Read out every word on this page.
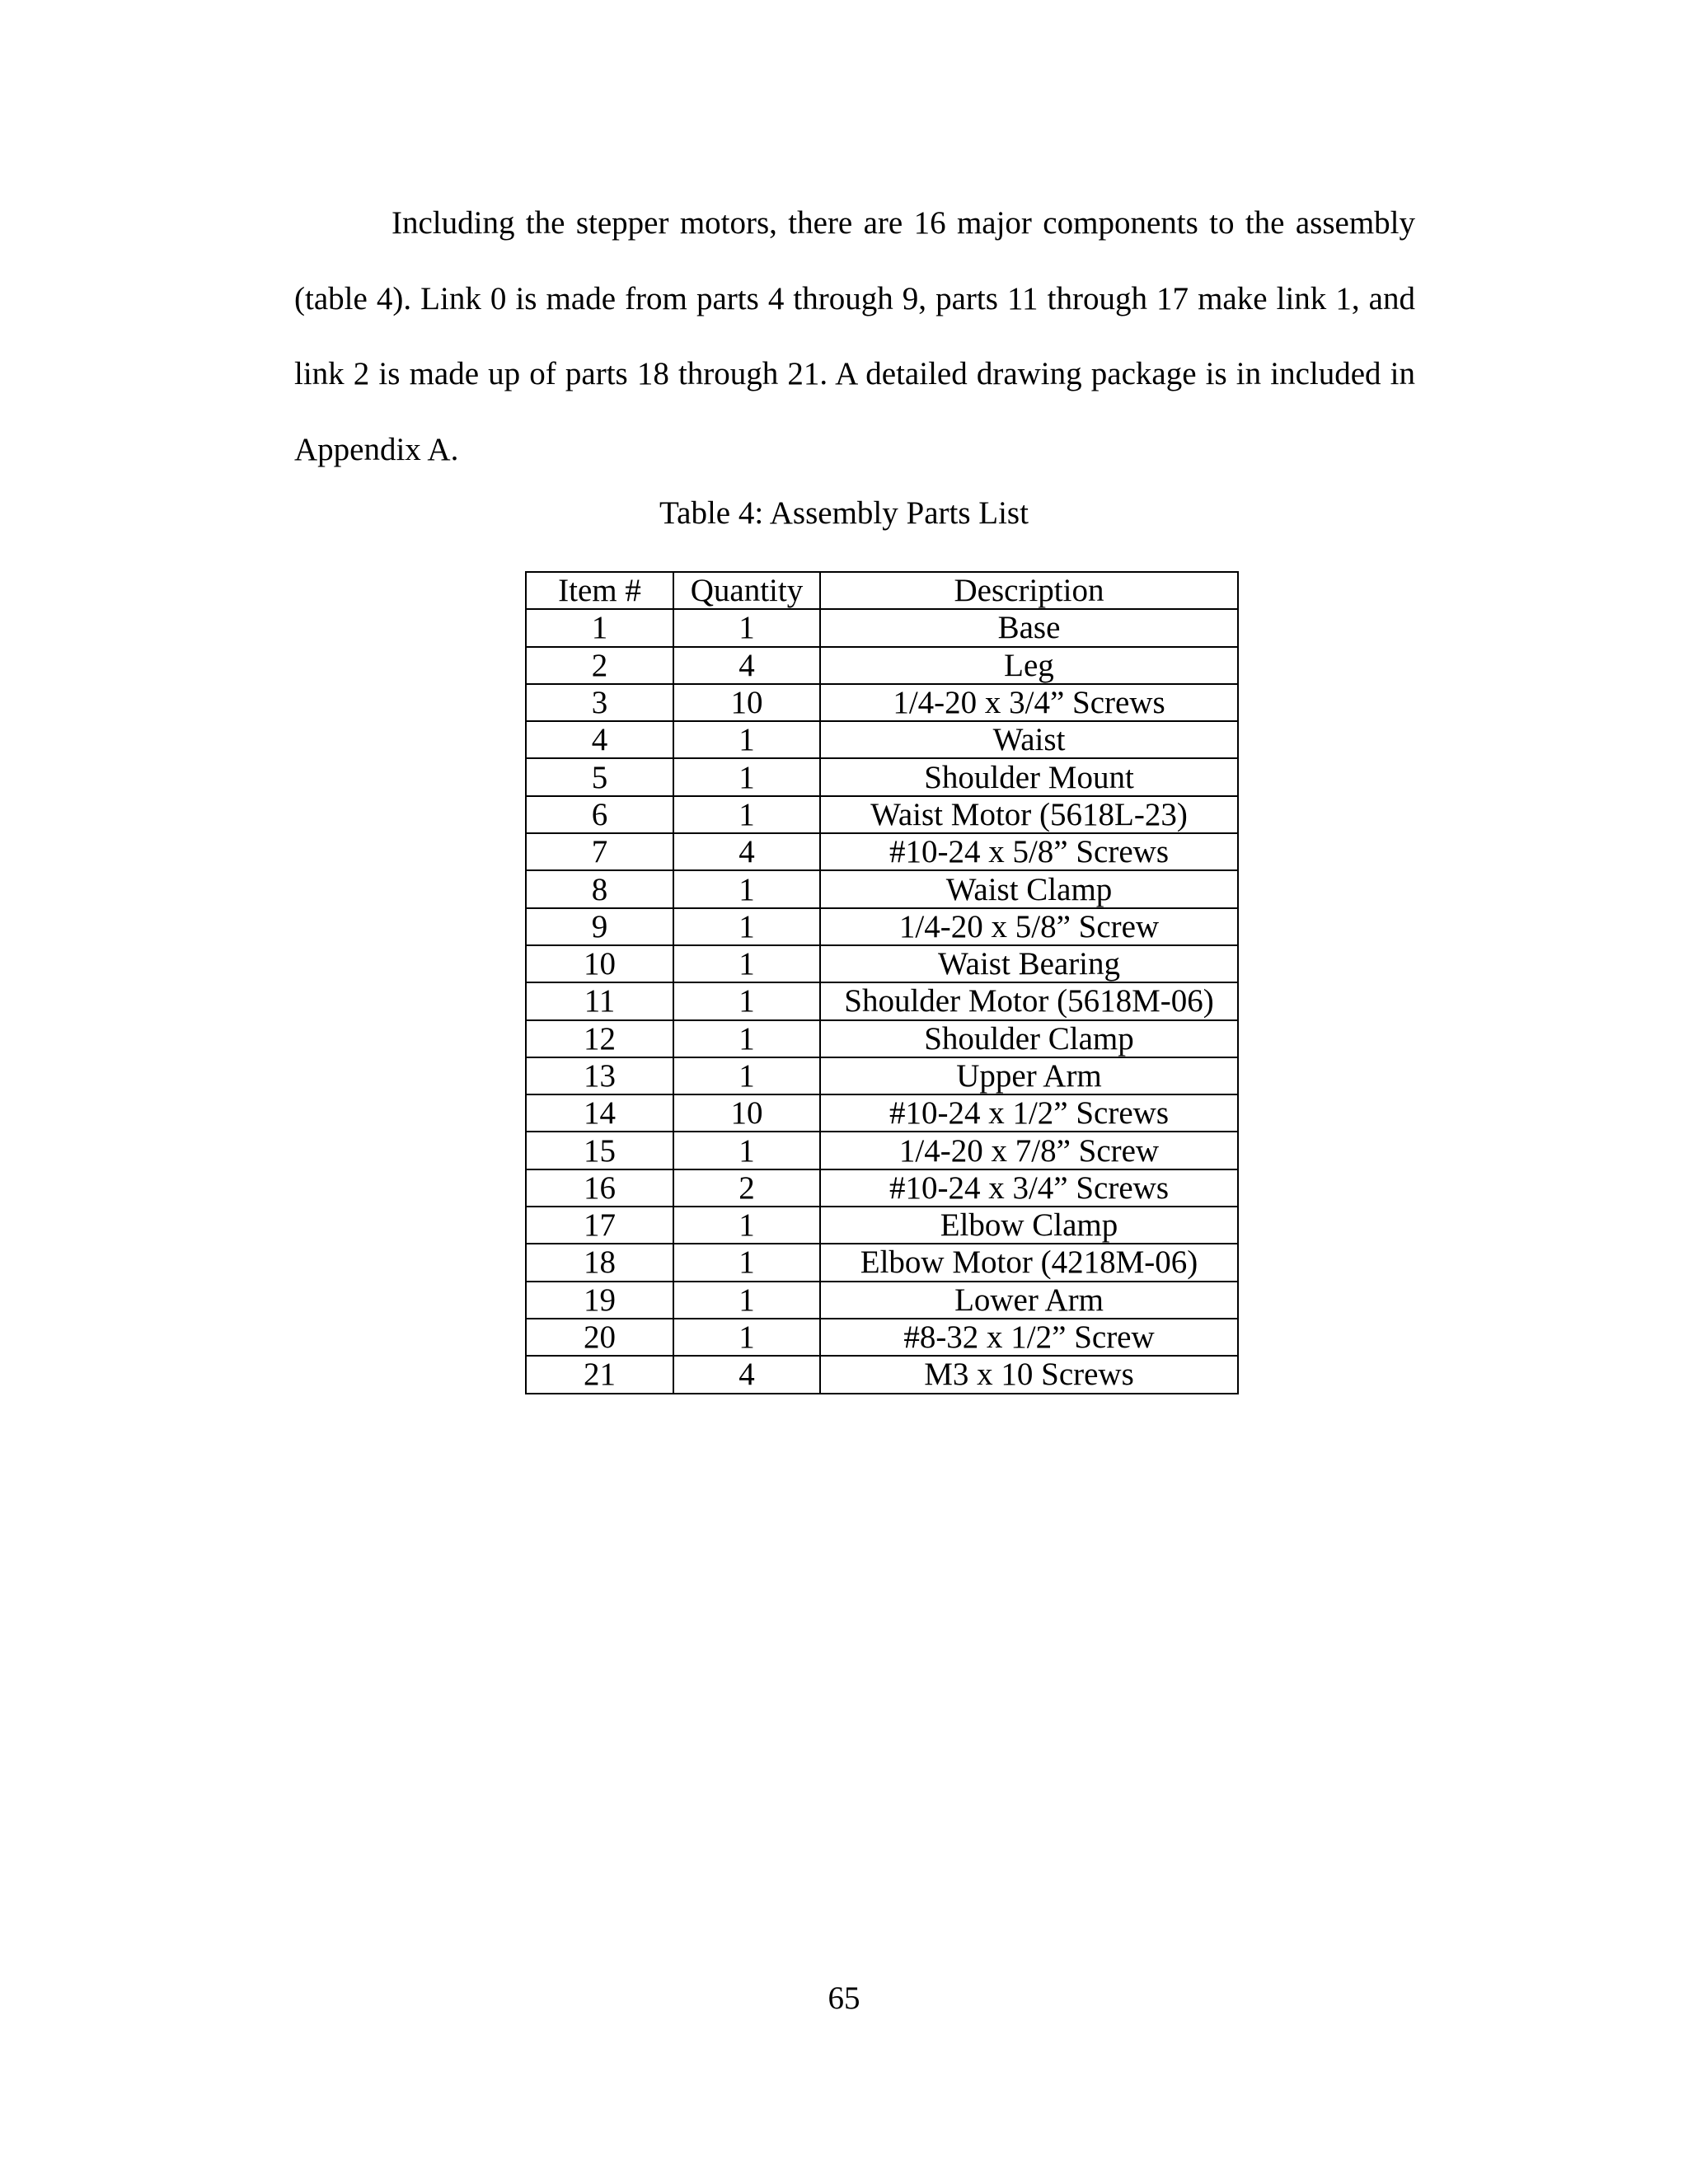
Including the stepper motors, there are 16 major components to the assembly (table 4). Link 0 is made from parts 4 through 9, parts 11 through 17 make link 1, and link 2 is made up of parts 18 through 21. A detailed drawing package is in included in Appendix A.

Table 4: Assembly Parts List
Item #	Quantity	Description
1	1	Base
2	4	Leg
3	10	1/4-20 x 3/4” Screws
4	1	Waist
5	1	Shoulder Mount
6	1	Waist Motor (5618L-23)
7	4	#10-24 x 5/8” Screws
8	1	Waist Clamp
9	1	1/4-20 x 5/8” Screw
10	1	Waist Bearing
11	1	Shoulder Motor (5618M-06)
12	1	Shoulder Clamp
13	1	Upper Arm
14	10	#10-24 x 1/2” Screws
15	1	1/4-20 x 7/8” Screw
16	2	#10-24 x 3/4” Screws
17	1	Elbow Clamp
18	1	Elbow Motor (4218M-06)
19	1	Lower Arm
20	1	#8-32 x 1/2” Screw
21	4	M3 x 10 Screws
65
